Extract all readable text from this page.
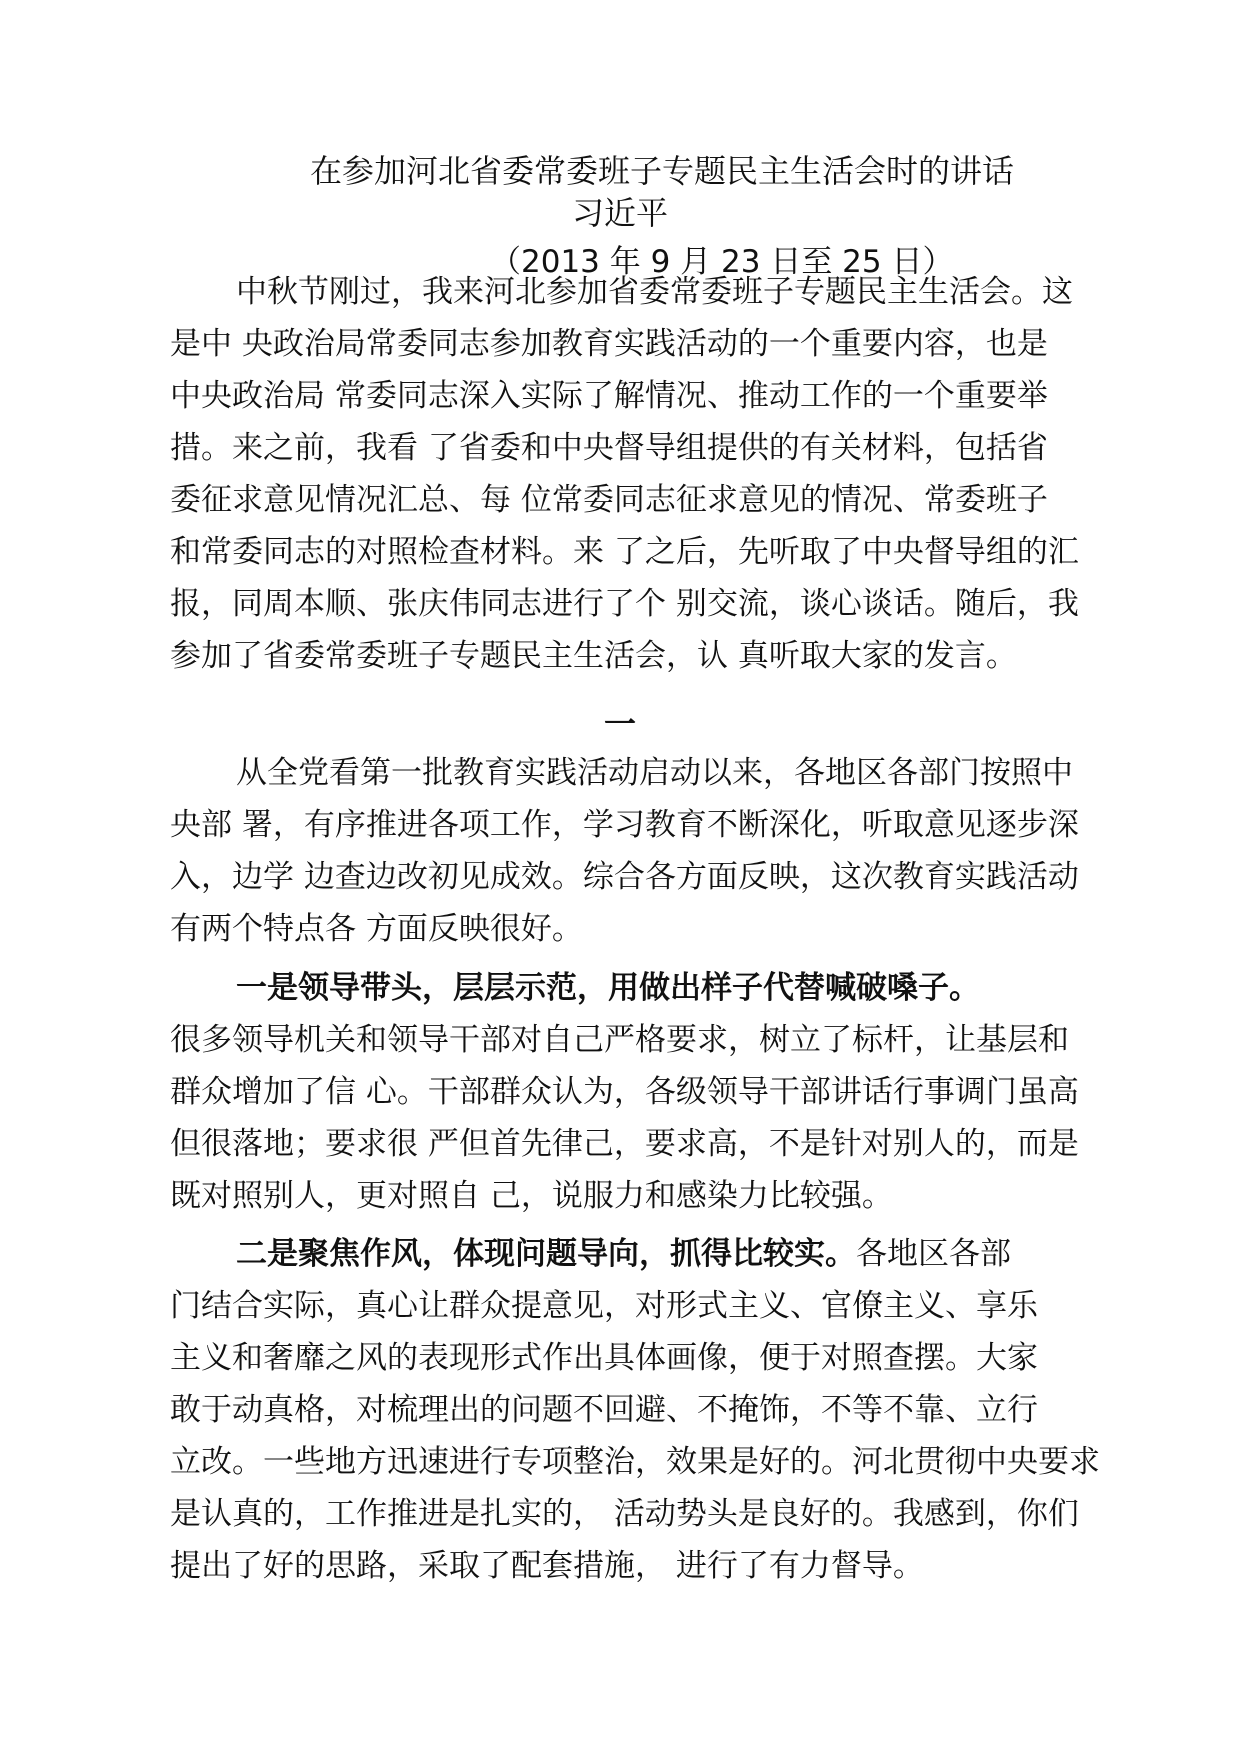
在参加河北省委常委班子专题民主生活会时的讲话
习近平
（2013 年 9 月 23 日至 25 日）
中秋节刚过，我来河北参加省委常委班子专题民主生活会。这
是中 央政治局常委同志参加教育实践活动的一个重要内容，也是
中央政治局 常委同志深入实际了解情况、推动工作的一个重要举
措。来之前，我看 了省委和中央督导组提供的有关材料，包括省
委征求意见情况汇总、每 位常委同志征求意见的情况、常委班子
和常委同志的对照检查材料。来 了之后，先听取了中央督导组的汇
报，同周本顺、张庆伟同志进行了个 别交流，谈心谈话。随后，我
参加了省委常委班子专题民主生活会，认 真听取大家的发言。
一
从全党看第一批教育实践活动启动以来，各地区各部门按照中
央部 署，有序推进各项工作，学习教育不断深化，听取意见逐步深
入，边学 边查边改初见成效。综合各方面反映，这次教育实践活动
有两个特点各 方面反映很好。
一是领导带头，层层示范，用做出样子代替喊破嗓子。
很多领导机关和领导干部对自己严格要求，树立了标杆，让基层和
群众增加了信 心。干部群众认为，各级领导干部讲话行事调门虽高
但很落地；要求很 严但首先律己，要求高，不是针对别人的，而是
既对照别人，更对照自 己，说服力和感染力比较强。
二是聚焦作风，体现问题导向，抓得比较实。各地区各部
门结合实际，真心让群众提意见，对形式主义、官僚主义、享乐
主义和奢靡之风的表现形式作出具体画像，便于对照查摆。大家
敢于动真格，对梳理出的问题不回避、不掩饰，不等不靠、立行
立改。一些地方迅速进行专项整治，效果是好的。河北贯彻中央要求
是认真的，工作推进是扎实的， 活动势头是良好的。我感到，你们
提出了好的思路，采取了配套措施， 进行了有力督导。
